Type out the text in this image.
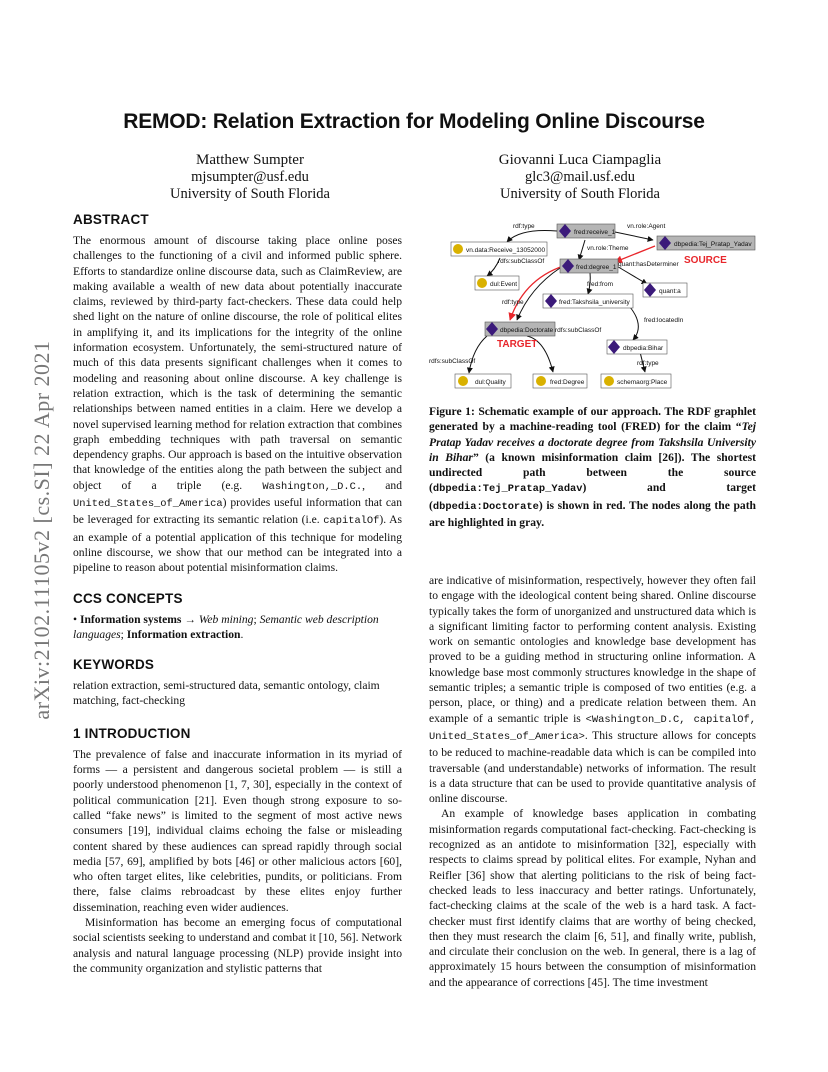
arXiv:2102.11105v2 [cs.SI] 22 Apr 2021
REMOD: Relation Extraction for Modeling Online Discourse
Matthew Sumpter
mjsumpter@usf.edu
University of South Florida
Giovanni Luca Ciampaglia
glc3@mail.usf.edu
University of South Florida
ABSTRACT
The enormous amount of discourse taking place online poses challenges to the functioning of a civil and informed public sphere. Efforts to standardize online discourse data, such as ClaimReview, are making available a wealth of new data about potentially inaccurate claims, reviewed by third-party fact-checkers. These data could help shed light on the nature of online discourse, the role of political elites in amplifying it, and its implications for the integrity of the online information ecosystem. Unfortunately, the semi-structured nature of much of this data presents significant challenges when it comes to modeling and reasoning about online discourse. A key challenge is relation extraction, which is the task of determining the semantic relationships between named entities in a claim. Here we develop a novel supervised learning method for relation extraction that combines graph embedding techniques with path traversal on semantic dependency graphs. Our approach is based on the intuitive observation that knowledge of the entities along the path between the subject and object of a triple (e.g. Washington,_D.C., and United_States_of_America) provides useful information that can be leveraged for extracting its semantic relation (i.e. capitalOf). As an example of a potential application of this technique for modeling online discourse, we show that our method can be integrated into a pipeline to reason about potential misinformation claims.
CCS CONCEPTS
• Information systems → Web mining; Semantic web description languages; Information extraction.
KEYWORDS
relation extraction, semi-structured data, semantic ontology, claim matching, fact-checking
1 INTRODUCTION
The prevalence of false and inaccurate information in its myriad of forms — a persistent and dangerous societal problem — is still a poorly understood phenomenon [1, 7, 30], especially in the context of political communication [21]. Even though strong exposure to so-called “fake news” is limited to the segment of most active news consumers [19], individual claims echoing the false or misleading content shared by these audiences can spread rapidly through social media [57, 69], amplified by bots [46] or other malicious actors [60], who often target elites, like celebrities, pundits, or politicians. From there, false claims rebroadcast by these elites enjoy further dissemination, reaching even wider audiences.
Misinformation has become an emerging focus of computational social scientists seeking to understand and combat it [10, 56]. Network analysis and natural language processing (NLP) provide insight into the community organization and stylistic patterns that
rdf:type	vn.role:Agent
rdfs:subClassOf
vn.role:Theme
quant:hasDeterminer
fred:from
rdf:type
fred:locatedIn
rdfs:subClassOf
rdfs:subClassOf	rdf:type
fred:receive_1
vn.data:Receive_13052000
dbpedia:Tej_Pratap_Yadav
SOURCE
fred:degree_1
dul:Event
quant:a
fred:Takshsila_university
dbpedia:Doctorate
TARGET	dbpedia:Bihar
dul:Quality	fred:Degree	schemaorg:Place
Figure 1: Schematic example of our approach. The RDF graphlet generated by a machine-reading tool (FRED) for the claim “Tej Pratap Yadav receives a doctorate degree from Takshsila University in Bihar” (a known misinformation claim [26]). The shortest undirected path between the source (dbpedia:Tej_Pratap_Yadav) and target (dbpedia:Doctorate) is shown in red. The nodes along the path are highlighted in gray.
are indicative of misinformation, respectively, however they often fail to engage with the ideological content being shared. Online discourse typically takes the form of unorganized and unstructured data which is a significant limiting factor to performing content analysis. Existing work on semantic ontologies and knowledge base development has proved to be a guiding method in structuring online information. A knowledge base most commonly structures knowledge in the shape of semantic triples; a semantic triple is composed of two entities (e.g. a person, place, or thing) and a predicate relation between them. An example of a semantic triple is <Washington_D.C, capitalOf, United_States_of_America>. This structure allows for concepts to be reduced to machine-readable data which is can be compiled into traversable (and understandable) networks of information. The result is a data structure that can be used to provide quantitative analysis of online discourse.
An example of knowledge bases application in combating misinformation regards computational fact-checking. Fact-checking is recognized as an antidote to misinformation [32], especially with respects to claims spread by political elites. For example, Nyhan and Reifler [36] show that alerting politicians to the risk of being fact-checked leads to less inaccuracy and better ratings. Unfortunately, fact-checking claims at the scale of the web is a hard task. A fact-checker must first identify claims that are worthy of being checked, then they must research the claim [6, 51], and finally write, publish, and circulate their conclusion on the web. In general, there is a lag of approximately 15 hours between the consumption of misinformation and the appearance of corrections [45]. The time investment
